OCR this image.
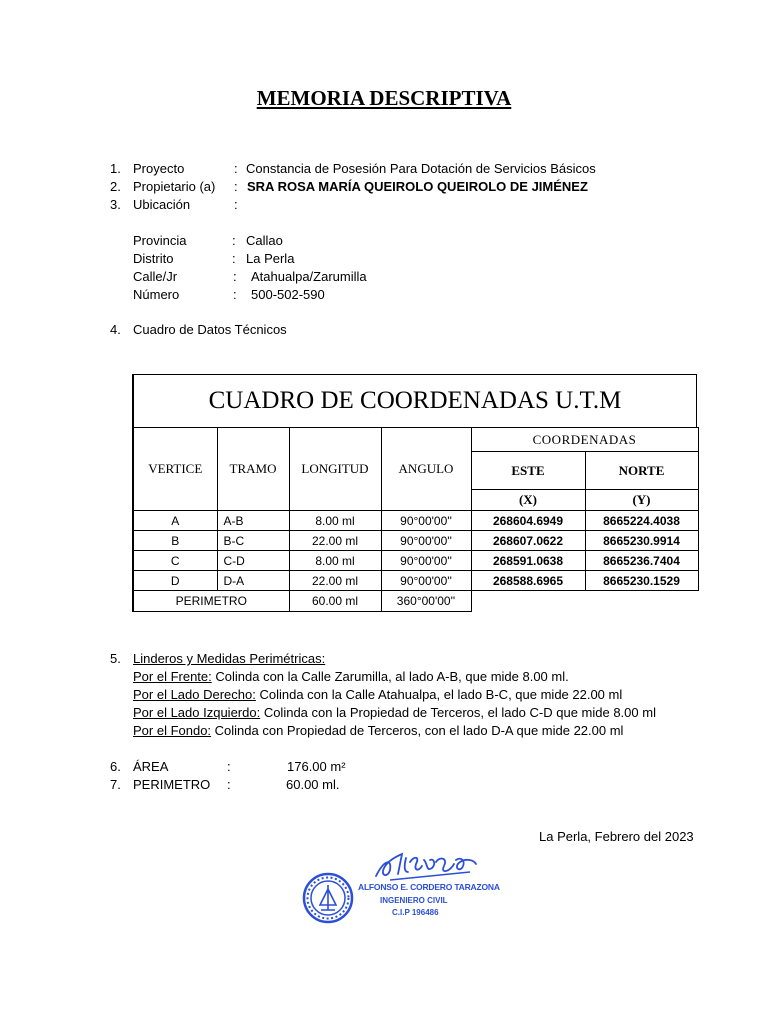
MEMORIA DESCRIPTIVA
1. Proyecto	: Constancia de Posesión Para Dotación de Servicios Básicos
2. Propietario (a) : SRA ROSA MARÍA QUEIROLO QUEIROLO DE JIMÉNEZ
3. Ubicación	:
Provincia	: Callao
Distrito	: La Perla
Calle/Jr	: Atahualpa/Zarumilla
Número	: 500-502-590
4. Cuadro de Datos Técnicos
CUADRO DE COORDENADAS U.T.M
VERTICE	TRAMO	LONGITUD	ANGULO	COORDENADAS	
				ESTE	NORTE
				(X)	(Y)
A	A-B	8.00 ml	90°00'00''	268604.6949	8665224.4038
B	B-C	22.00 ml	90°00'00''	268607.0622	8665230.9914
C	C-D	8.00 ml	90°00'00''	268591.0638	8665236.7404
D	D-A	22.00 ml	90°00'00''	268588.6965	8665230.1529
PERIMETRO		60.00 ml	360°00'00''		
5. Linderos y Medidas Perimétricas:
Por el Frente: Colinda con la Calle Zarumilla, al lado A-B, que mide 8.00 ml.
Por el Lado Derecho: Colinda con la Calle Atahualpa, el lado B-C, que mide 22.00 ml
Por el Lado Izquierdo: Colinda con la Propiedad de Terceros, el lado C-D que mide 8.00 ml
Por el Fondo: Colinda con Propiedad de Terceros, con el lado D-A que mide 22.00 ml
6. ÁREA	:	176.00 m²
7. PERIMETRO :	60.00 ml.
La Perla, Febrero del 2023
ALFONSO E. CORDERO TARAZONA
INGENIERO CIVIL
C.I.P 196486
